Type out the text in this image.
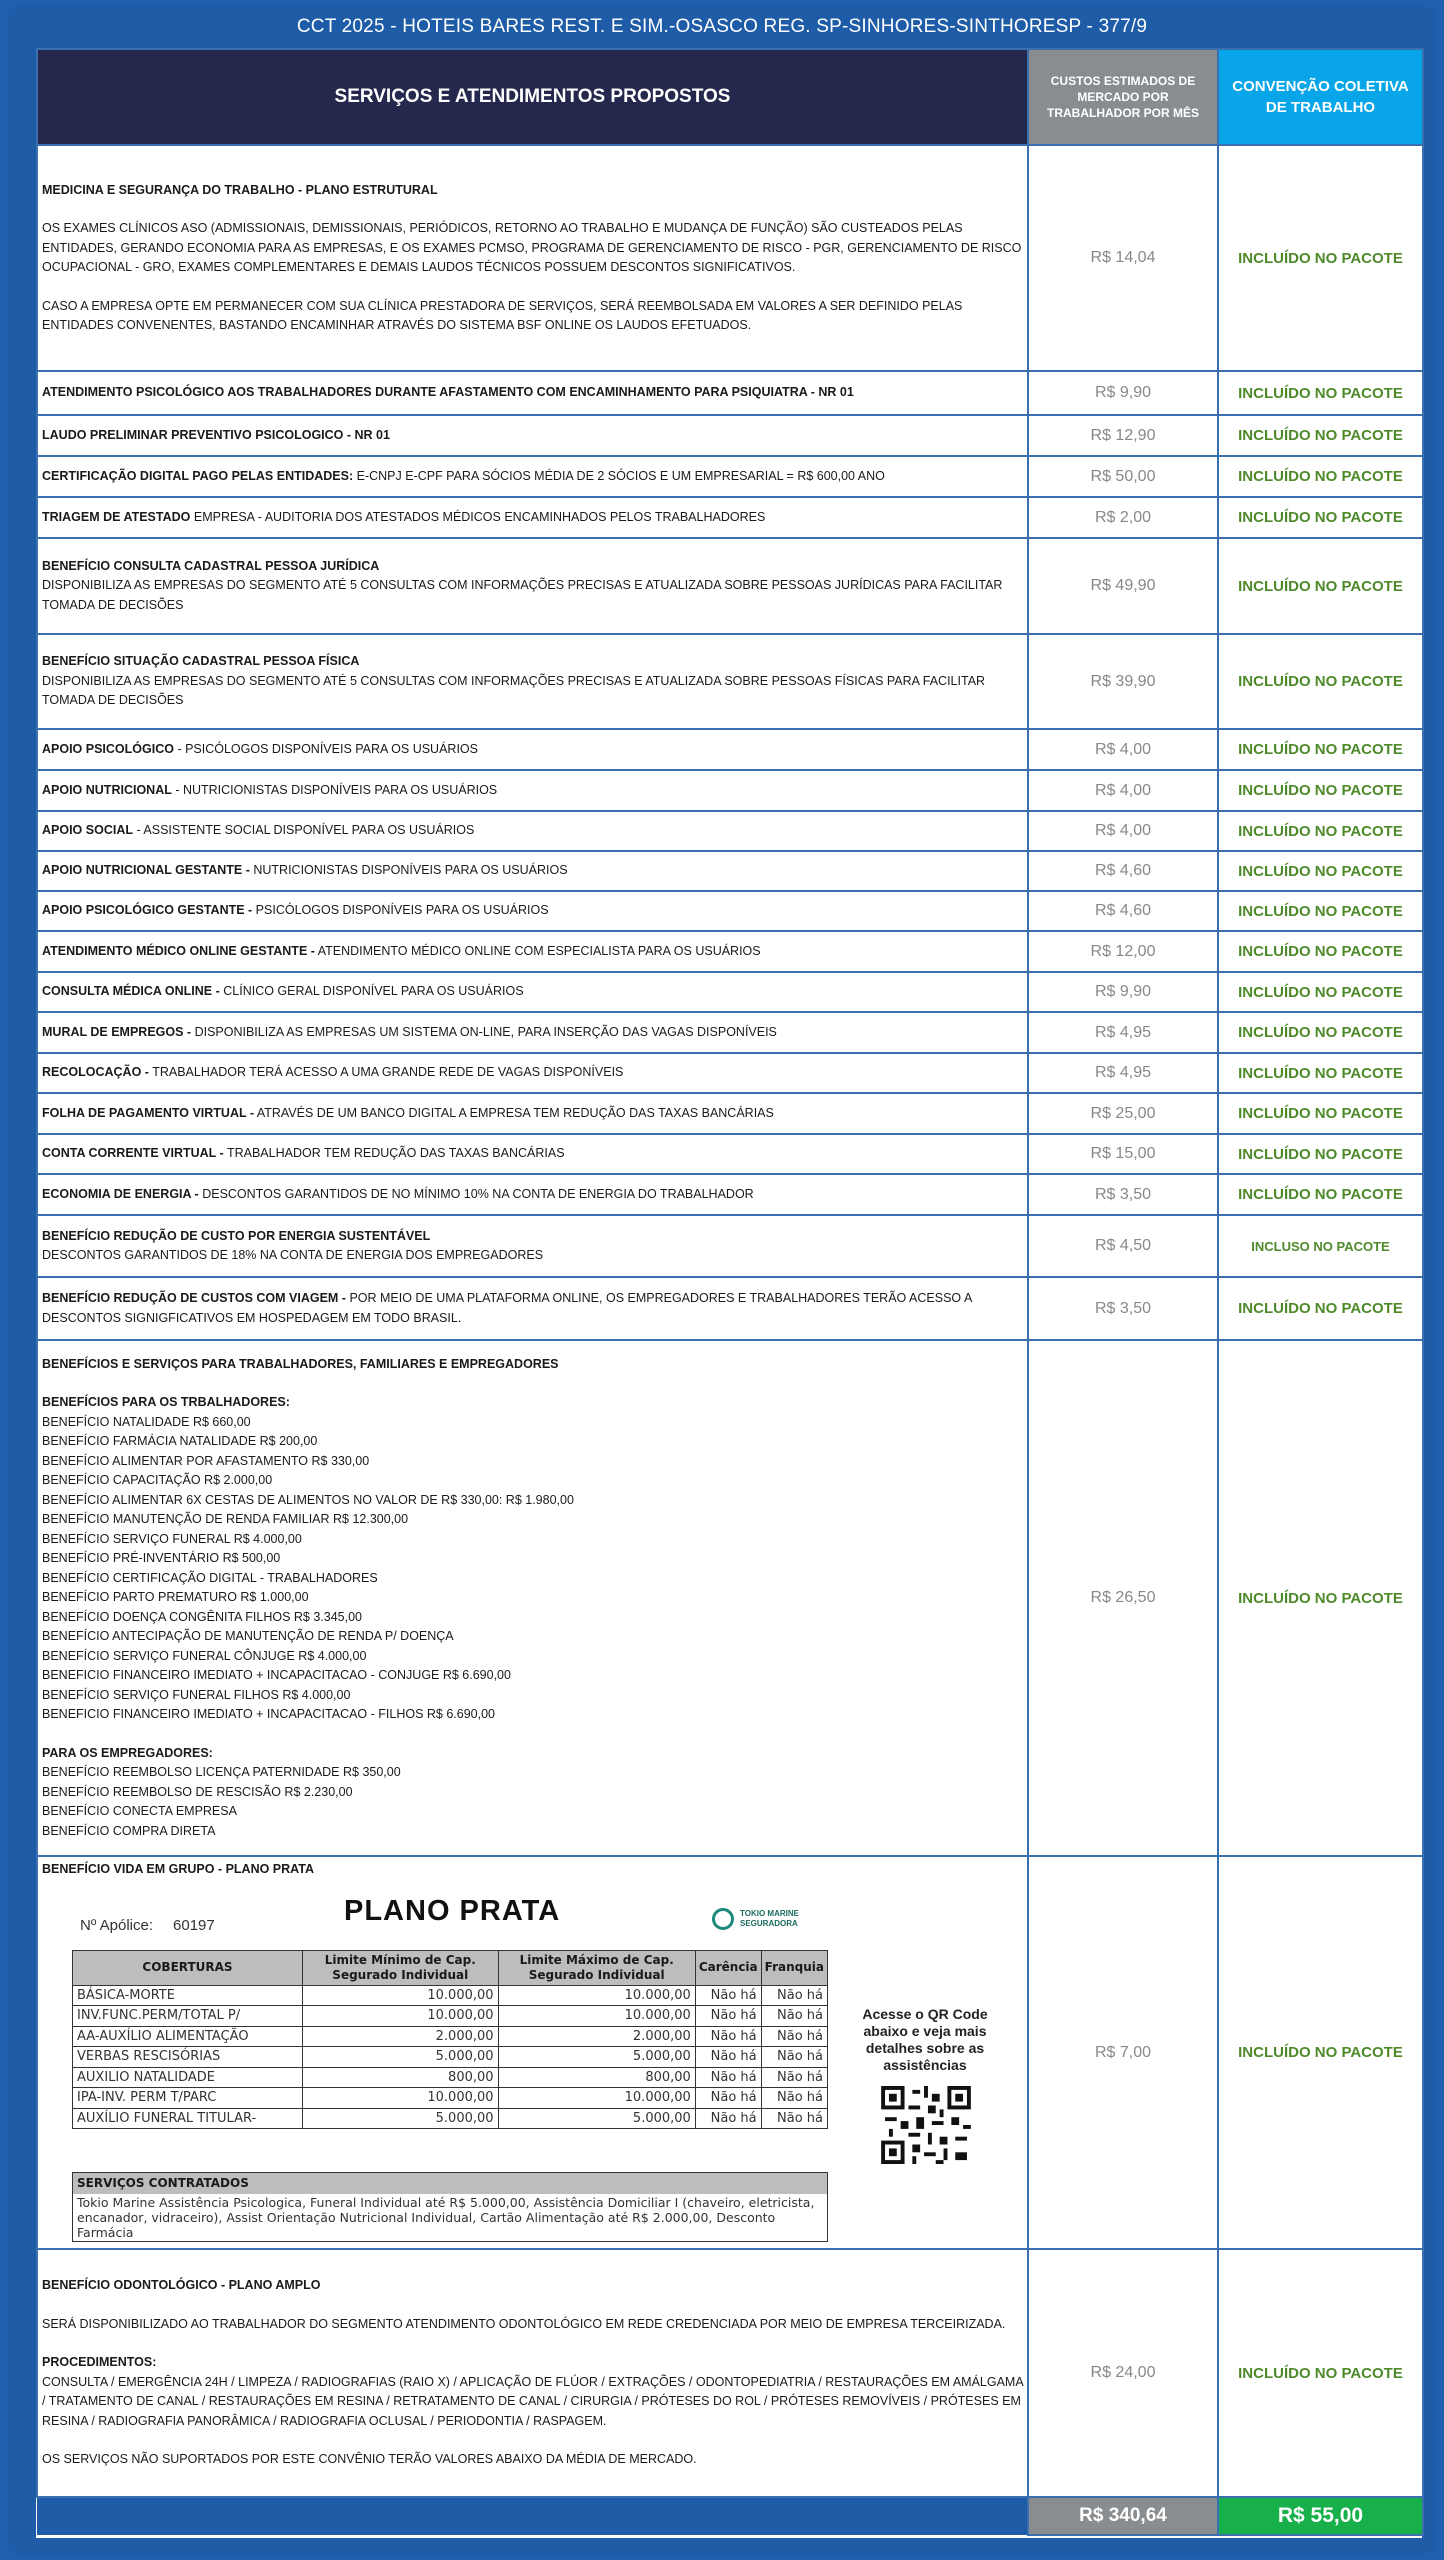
CCT 2025 - HOTEIS BARES REST. E SIM.-OSASCO REG. SP-SINHORES-SINTHORESP - 377/9
SERVIÇOS E ATENDIMENTOS PROPOSTOS	CUSTOS ESTIMADOS DE MERCADO POR TRABALHADOR POR MÊS	CONVENÇÃO COLETIVA DE TRABALHO

MEDICINA E SEGURANÇA DO TRABALHO - PLANO ESTRUTURAL
OS EXAMES CLÍNICOS ASO (ADMISSIONAIS, DEMISSIONAIS, PERIÓDICOS, RETORNO AO TRABALHO E MUDANÇA DE FUNÇÃO) SÃO CUSTEADOS PELAS ENTIDADES, GERANDO ECONOMIA PARA AS EMPRESAS, E OS EXAMES PCMSO, PROGRAMA DE GERENCIAMENTO DE RISCO - PGR, GERENCIAMENTO DE RISCO OCUPACIONAL - GRO, EXAMES COMPLEMENTARES E DEMAIS LAUDOS TÉCNICOS POSSUEM DESCONTOS SIGNIFICATIVOS.
CASO A EMPRESA OPTE EM PERMANECER COM SUA CLÍNICA PRESTADORA DE SERVIÇOS, SERÁ REEMBOLSADA EM VALORES A SER DEFINIDO PELAS ENTIDADES CONVENENTES, BASTANDO ENCAMINHAR ATRAVÉS DO SISTEMA BSF ONLINE OS LAUDOS EFETUADOS.
	R$ 14,04	INCLUÍDO NO PACOTE
ATENDIMENTO PSICOLÓGICO AOS TRABALHADORES DURANTE AFASTAMENTO COM ENCAMINHAMENTO PARA PSIQUIATRA - NR 01	R$ 9,90	INCLUÍDO NO PACOTE
LAUDO PRELIMINAR PREVENTIVO PSICOLOGICO - NR 01	R$ 12,90	INCLUÍDO NO PACOTE
CERTIFICAÇÃO DIGITAL PAGO PELAS ENTIDADES: E-CNPJ E-CPF PARA SÓCIOS MÉDIA DE 2 SÓCIOS E UM EMPRESARIAL = R$ 600,00 ANO	R$ 50,00	INCLUÍDO NO PACOTE
TRIAGEM DE ATESTADO EMPRESA - AUDITORIA DOS ATESTADOS MÉDICOS ENCAMINHADOS PELOS TRABALHADORES	R$ 2,00	INCLUÍDO NO PACOTE

BENEFÍCIO CONSULTA CADASTRAL PESSOA JURÍDICA
DISPONIBILIZA AS EMPRESAS DO SEGMENTO ATÉ 5 CONSULTAS COM INFORMAÇÕES PRECISAS E ATUALIZADA SOBRE PESSOAS JURÍDICAS PARA FACILITAR TOMADA DE DECISÕES
	R$ 49,90	INCLUÍDO NO PACOTE

BENEFÍCIO SITUAÇÃO CADASTRAL PESSOA FÍSICA
DISPONIBILIZA AS EMPRESAS DO SEGMENTO ATÉ 5 CONSULTAS COM INFORMAÇÕES PRECISAS E ATUALIZADA SOBRE PESSOAS FÍSICAS PARA FACILITAR TOMADA DE DECISÕES
	R$ 39,90	INCLUÍDO NO PACOTE
APOIO PSICOLÓGICO - PSICÓLOGOS DISPONÍVEIS PARA OS USUÁRIOS	R$ 4,00	INCLUÍDO NO PACOTE
APOIO NUTRICIONAL - NUTRICIONISTAS DISPONÍVEIS PARA OS USUÁRIOS	R$ 4,00	INCLUÍDO NO PACOTE
APOIO SOCIAL - ASSISTENTE SOCIAL DISPONÍVEL PARA OS USUÁRIOS	R$ 4,00	INCLUÍDO NO PACOTE
APOIO NUTRICIONAL GESTANTE - NUTRICIONISTAS DISPONÍVEIS PARA OS USUÁRIOS	R$ 4,60	INCLUÍDO NO PACOTE
APOIO PSICOLÓGICO GESTANTE - PSICÓLOGOS DISPONÍVEIS PARA OS USUÁRIOS	R$ 4,60	INCLUÍDO NO PACOTE
ATENDIMENTO MÉDICO ONLINE GESTANTE - ATENDIMENTO MÉDICO ONLINE COM ESPECIALISTA PARA OS USUÁRIOS	R$ 12,00	INCLUÍDO NO PACOTE
CONSULTA MÉDICA ONLINE - CLÍNICO GERAL DISPONÍVEL PARA OS USUÁRIOS	R$ 9,90	INCLUÍDO NO PACOTE
MURAL DE EMPREGOS - DISPONIBILIZA AS EMPRESAS UM SISTEMA ON-LINE, PARA INSERÇÃO DAS VAGAS DISPONÍVEIS	R$ 4,95	INCLUÍDO NO PACOTE
RECOLOCAÇÃO - TRABALHADOR TERÁ ACESSO A UMA GRANDE REDE DE VAGAS DISPONÍVEIS	R$ 4,95	INCLUÍDO NO PACOTE
FOLHA DE PAGAMENTO VIRTUAL - ATRAVÉS DE UM BANCO DIGITAL A EMPRESA TEM REDUÇÃO DAS TAXAS BANCÁRIAS	R$ 25,00	INCLUÍDO NO PACOTE
CONTA CORRENTE VIRTUAL - TRABALHADOR TEM REDUÇÃO DAS TAXAS BANCÁRIAS	R$ 15,00	INCLUÍDO NO PACOTE
ECONOMIA DE ENERGIA - DESCONTOS GARANTIDOS DE NO MÍNIMO 10% NA CONTA DE ENERGIA DO TRABALHADOR	R$ 3,50	INCLUÍDO NO PACOTE

BENEFÍCIO REDUÇÃO DE CUSTO POR ENERGIA SUSTENTÁVEL
DESCONTOS GARANTIDOS DE 18% NA CONTA DE ENERGIA DOS EMPREGADORES
	R$ 4,50	INCLUSO NO PACOTE
BENEFÍCIO REDUÇÃO DE CUSTOS COM VIAGEM - POR MEIO DE UMA PLATAFORMA ONLINE, OS EMPREGADORES E TRABALHADORES TERÃO ACESSO A DESCONTOS SIGNIGFICATIVOS EM HOSPEDAGEM EM TODO BRASIL.	R$ 3,50	INCLUÍDO NO PACOTE

BENEFÍCIOS E SERVIÇOS PARA TRABALHADORES, FAMILIARES E EMPREGADORES
BENEFÍCIOS PARA OS TRBALHADORES:
BENEFÍCIO NATALIDADE R$ 660,00
BENEFÍCIO FARMÁCIA NATALIDADE R$ 200,00
BENEFÍCIO ALIMENTAR POR AFASTAMENTO R$ 330,00
BENEFÍCIO CAPACITAÇÃO R$ 2.000,00
BENEFÍCIO ALIMENTAR 6X CESTAS DE ALIMENTOS NO VALOR DE R$ 330,00: R$ 1.980,00
BENEFÍCIO MANUTENÇÃO DE RENDA FAMILIAR R$ 12.300,00
BENEFÍCIO SERVIÇO FUNERAL R$ 4.000,00
BENEFÍCIO PRÉ-INVENTÁRIO R$ 500,00
BENEFÍCIO CERTIFICAÇÃO DIGITAL - TRABALHADORES
BENEFÍCIO PARTO PREMATURO R$ 1.000,00
BENEFÍCIO DOENÇA CONGÊNITA FILHOS R$ 3.345,00
BENEFÍCIO ANTECIPAÇÃO DE MANUTENÇÃO DE RENDA P/ DOENÇA
BENEFÍCIO SERVIÇO FUNERAL CÔNJUGE R$ 4.000,00
BENEFICIO FINANCEIRO IMEDIATO + INCAPACITACAO - CONJUGE R$ 6.690,00
BENEFÍCIO SERVIÇO FUNERAL FILHOS R$ 4.000,00
BENEFICIO FINANCEIRO IMEDIATO + INCAPACITACAO - FILHOS R$ 6.690,00
PARA OS EMPREGADORES:
BENEFÍCIO REEMBOLSO LICENÇA PATERNIDADE R$ 350,00
BENEFÍCIO REEMBOLSO DE RESCISÃO R$ 2.230,00
BENEFÍCIO CONECTA EMPRESA
BENEFÍCIO COMPRA DIRETA
	R$ 26,50	INCLUÍDO NO PACOTE

BENEFÍCIO VIDA EM GRUPO - PLANO PRATA
Nº Apólice: 60197	PLANO PRATA	TOKIO MARINE
SEGURADORA
COBERTURAS	Limite Mínimo de Cap. Segurado Individual	Limite Máximo de Cap. Segurado Individual	Carência	Franquia
BÁSICA-MORTE	10.000,00	10.000,00	Não há	Não há
INV.FUNC.PERM/TOTAL P/	10.000,00	10.000,00	Não há	Não há
AA-AUXÍLIO ALIMENTAÇÃO	2.000,00	2.000,00	Não há	Não há
VERBAS RESCISÓRIAS	5.000,00	5.000,00	Não há	Não há
AUXILIO NATALIDADE	800,00	800,00	Não há	Não há
IPA-INV. PERM T/PARC	10.000,00	10.000,00	Não há	Não há
AUXÍLIO FUNERAL TITULAR-	5.000,00	5.000,00	Não há	Não há
Acesse o QR Code abaixo e veja mais detalhes sobre as assistências
SERVIÇOS CONTRATADOS
Tokio Marine Assistência Psicologica, Funeral Individual até R$ 5.000,00, Assistência Domiciliar I (chaveiro, eletricista, encanador, vidraceiro), Assist Orientação Nutricional Individual, Cartão Alimentação até R$ 2.000,00, Desconto Farmácia
	R$ 7,00	INCLUÍDO NO PACOTE

BENEFÍCIO ODONTOLÓGICO - PLANO AMPLO
SERÁ DISPONIBILIZADO AO TRABALHADOR DO SEGMENTO ATENDIMENTO ODONTOLÓGICO EM REDE CREDENCIADA POR MEIO DE EMPRESA TERCEIRIZADA.
PROCEDIMENTOS:
CONSULTA / EMERGÊNCIA 24H / LIMPEZA / RADIOGRAFIAS (RAIO X) / APLICAÇÃO DE FLÚOR / EXTRAÇÕES / ODONTOPEDIATRIA / RESTAURAÇÕES EM AMÁLGAMA / TRATAMENTO DE CANAL / RESTAURAÇÕES EM RESINA / RETRATAMENTO DE CANAL / CIRURGIA / PRÓTESES DO ROL / PRÓTESES REMOVÍVEIS / PRÓTESES EM RESINA / RADIOGRAFIA PANORÂMICA / RADIOGRAFIA OCLUSAL / PERIODONTIA / RASPAGEM.
OS SERVIÇOS NÃO SUPORTADOS POR ESTE CONVÊNIO TERÃO VALORES ABAIXO DA MÉDIA DE MERCADO.
	R$ 24,00	INCLUÍDO NO PACOTE
	R$ 340,64	R$ 55,00
